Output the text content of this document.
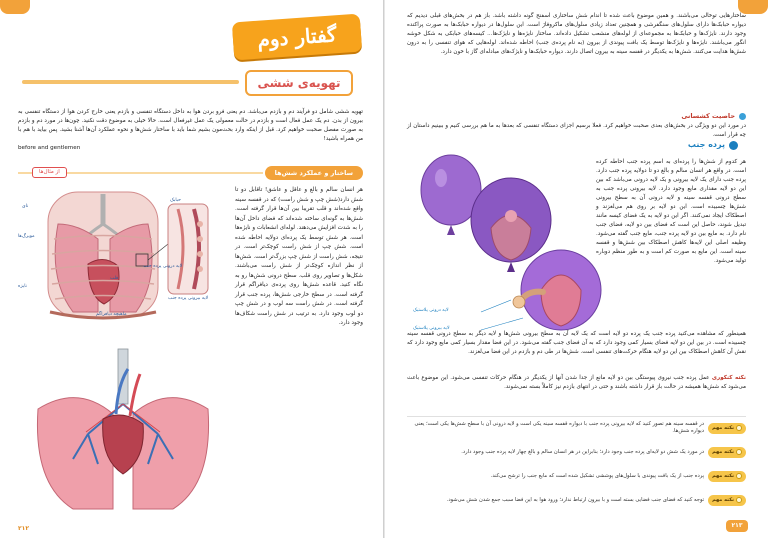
گفتار دوم
تهویه‌ی ششی

تهویه ششی شامل دو فرآیند دم و بازدم می‌باشد. دم یعنی فرو بردن هوا به داخل دستگاه تنفسی و بازدم یعنی خارج کردن هوا از دستگاه تنفسی به بیرون از بدن. دم یک عمل فعال است و بازدم در حالت معمولی یک عمل غیرفعال است. حالا خیلی به موضوع دقت نکنید. چون‌ها در مورد دم و بازدم به صورت مفصل صحبت خواهیم کرد. قبل از اینکه وارد بحث‌مون بشیم شما باید با ساختار شش‌ها و نحوه عملکرد آن‌ها آشنا بشید. پس بیاید با هم با من همراه باشید!

before and gentlemen

ساختار و عملکرد شش‌ها
از مثال‌ها

هر انسان سالم و بالغ و عاقل و عاشق! تاقابل دو تا شش دارد(شش چپ و شش راست) که در قفسه سینه واقع شده‌اند و قلب تقریبا بین آن‌ها قرار گرفته است. شش‌ها به گونه‌ای ساخته شده‌اند که فضای داخل آن‌ها را به شدت افزایش می‌دهند. لوله‌ای انشعابات و نایژه‌ها است. هر شش توسط یک پرده‌ای دولایه احاطه شده است. شش چپ از شش راست کوچک‌تر است. در نتیجه، شش راست از شش چپ بزرگ‌تر است. شش‌ها از نظر اندازه کوچک‌تر از شش راست می‌باشند. شکل‌ها و تصاویر روی قلب. سطح درونی شش‌ها رو به نگاه کنید. قاعده شش‌ها روی پرده‌ی دیافراگم قرار گرفته است. در سطح خارجی شش‌ها، پرده جنب قرار گرفته است. در شش راست سه لوب و در شش چپ دو لوب وجود دارد. به ترتیب در شش راست شکاف‌ها وجود دارد.

نای
مویرگ‌ها
نایژه
ماهیچه دیافراگم
حبابک
لایه درونی پرده جنب
لایه بیرونی پرده جنب
قلب
۲۱۲

ساختارهایی توخالی می‌باشند. و همین موضوع باعث شده تا اندام شش ساختاری اسفنج گونه داشته باشد. باز هم در بخش‌های قبلی دیدیم که دیواره حبابک‌ها دارای سلول‌های سنگفرشی و همچنین تعداد زیادی سلول‌های ماکروفاژ است. این سلول‌ها در دیواره حبابک‌ها به صورت پراکنده وجود دارند. نایژک‌ها و حبابک‌ها به مجموعه‌ای از لوله‌های منشعب تشکیل داده‌اند. ساختار نایژه‌ها و نایژک‌ها... کیسه‌های حبابکی به شکل خوشه انگور می‌باشند. نایژه‌ها و نایژک‌ها توسط یک بافت پیوندی از بیرون (به نام پرده‌ی جنب) احاطه شده‌اند. لوله‌هایی که هوای تنفسی را به درون شش‌ها هدایت می‌کنند. شش‌ها به یکدیگر در قفسه سینه به بیرون اتصال دارند. دیواره حبابک‌ها و نایژک‌های مبادله‌ای گاز با خون دارد.

حاصیت کشسانی

در مورد این دو ویژگی در بخش‌های بعدی صحبت خواهیم کرد. فعلا برسیم اجزای دستگاه تنفسی که بعدها به ما هم بررسی کنیم و ببینیم داستان از چه قرار است.

پرده جنب

هر کدوم از شش‌ها را پرده‌ای به اسم پرده جنب احاطه کرده است. در واقع هر انسان سالم و بالغ دو تا دولایه پرده جنب دارد. پرده جنب دارای یک لایه بیرونی و یک لایه درونی می‌باشد که بین این دو لایه مقداری مایع وجود دارد. لایه بیرونی پرده جنب به سطح درونی قفسه سینه و لایه درونی آن به سطح بیرونی شش‌ها چسبیده است. این دو لایه بر روی هم می‌لغزند و اصطکاک ایجاد نمی‌کنند. اگر این دو لایه به یک فضای کیسه مانند تبدیل شوند، حاصل این است که فضای بین دو لایه، فضای جنب نام دارد. به مایع بین دو لایه پرده جنب، مایع جنب گفته می‌شود. وظیفه اصلی این لایه‌ها کاهش اصطکاک بین شش‌ها و قفسه سینه است. این مایع به صورت کم است و به طور منظم دوباره تولید می‌شود.

لایه درونی پلاستیک
لایه بیرونی پلاستیک

همینطور که مشاهده می‌کنید پرده جنب یک پرده دو لایه است که یک لایه آن به سطح بیرونی شش‌ها و لایه دیگر به سطح درونی قفسه سینه چسبیده است. در بین این دو لایه فضای بسیار کمی وجود دارد که به آن فضای جنب گفته می‌شود. در این فضا مقدار بسیار کمی مایع وجود دارد که نقش آن کاهش اصطکاک بین این دو لایه هنگام حرکت‌های تنفسی است. شش‌ها در طی دم و بازدم در این فضا می‌لغزند.

نکته کنکوری عمل پرده جنب نیروی پیوستگی بین دو لایه مانع از جدا شدن آنها از یکدیگر در هنگام حرکات تنفسی می‌شود. این موضوع باعث می‌شود که شش‌ها همیشه در حالت باز قرار داشته باشند و حتی در انتهای بازدم نیز کاملاً بسته نمی‌شوند.

نکته مهم
در قفسه سینه هم تصور کنید که لایه بیرونی پرده جنب با دیواره قفسه سینه یکی است و لایه درونی آن با سطح شش‌ها یکی است؛ یعنی دیواره شش‌ها.
نکته مهم
در مورد یک شش دو لایه‌ای پرده جنب وجود دارد؛ بنابراین در هر انسان سالم و بالغ چهار لایه پرده جنب وجود دارد.
نکته مهم
پرده جنب از یک بافت پیوندی با سلول‌های پوششی تشکیل شده است که مایع جنب را ترشح می‌کند.
نکته مهم
توجه کنید که فضای جنب فضایی بسته است و با بیرون ارتباط ندارد؛ ورود هوا به این فضا سبب جمع شدن شش می‌شود.
۲۱۳
